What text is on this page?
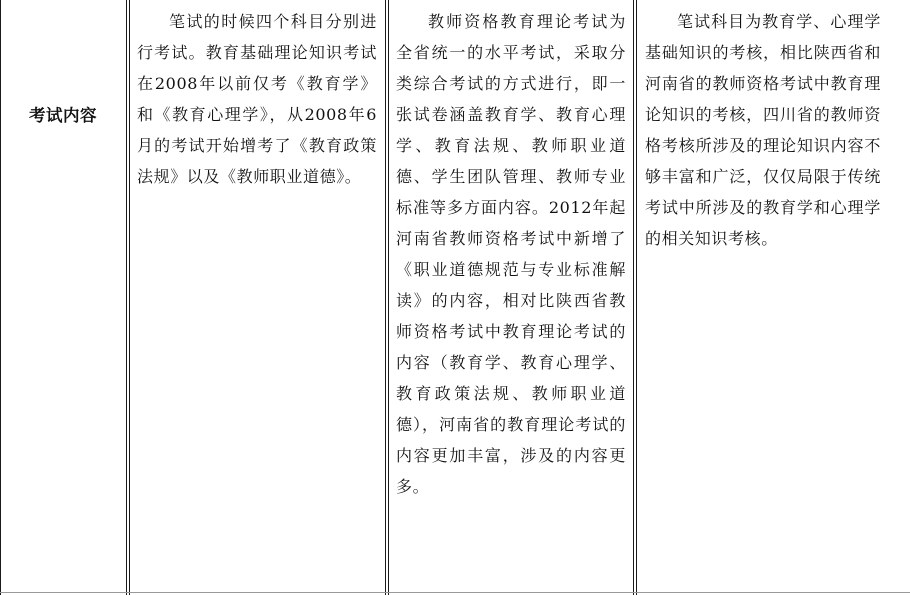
考试内容

笔试的时候四个科目分别进行考试。教育基础理论知识考试在2008年以前仅考《教育学》和《教育心理学》，从2008年6月的考试开始增考了《教育政策法规》以及《教师职业道德》。

教师资格教育理论考试为全省统一的水平考试，采取分类综合考试的方式进行，即一张试卷涵盖教育学、教育心理学、教育法规、教师职业道德、学生团队管理、教师专业标准等多方面内容。2012年起河南省教师资格考试中新增了《职业道德规范与专业标准解读》的内容，相对比陕西省教师资格考试中教育理论考试的内容（教育学、教育心理学、教育政策法规、教师职业道德），河南省的教育理论考试的内容更加丰富，涉及的内容更多。

笔试科目为教育学、心理学基础知识的考核，相比陕西省和河南省的教师资格考试中教育理论知识的考核，四川省的教师资格考核所涉及的理论知识内容不够丰富和广泛，仅仅局限于传统考试中所涉及的教育学和心理学的相关知识考核。
